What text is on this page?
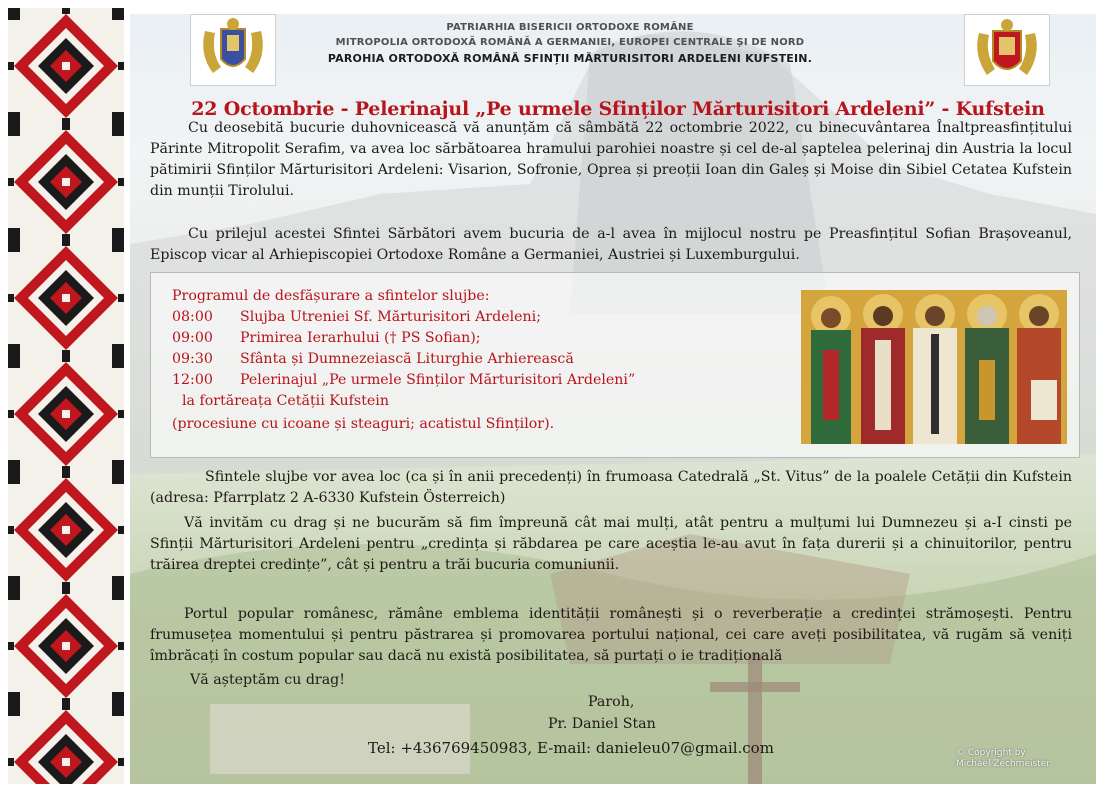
PATRIARHIA BISERICII ORTODOXE ROMÂNE
MITROPOLIA ORTODOXĂ ROMÂNĂ A GERMANIEI, EUROPEI CENTRALE ȘI DE NORD
PAROHIA ORTODOXĂ ROMÂNĂ SFINȚII MĂRTURISITORI ARDELENI KUFSTEIN.
22 Octombrie - Pelerinajul „Pe urmele Sfinților Mărturisitori Ardeleni” - Kufstein
Cu deosebită bucurie duhovnicească vă anunțăm că sâmbătă 22 octombrie 2022, cu binecuvântarea Înaltpreasfințitului Părinte Mitropolit Serafim, va avea loc sărbătoarea hramului parohiei noastre și cel de-al șaptelea pelerinaj din Austria la locul pătimirii Sfinților Mărturisitori Ardeleni: Visarion, Sofronie, Oprea și preoții Ioan din Galeș și Moise din Sibiel Cetatea Kufstein din munții Tirolului.
Cu prilejul acestei Sfintei Sărbători avem bucuria de a-l avea în mijlocul nostru pe Preasfințitul Sofian Brașoveanul, Episcop vicar al Arhiepiscopiei Ortodoxe Române a Germaniei, Austriei și Luxemburgului.
Programul de desfășurare a sfintelor slujbe:
08:00 Slujba Utreniei Sf. Mărturisitori Ardeleni;
09:00 Primirea Ierarhului († PS Sofian);
09:30 Sfânta și Dumnezeiască Liturghie Arhierească
12:00 Pelerinajul „Pe urmele Sfinților Mărturisitori Ardeleni”
la fortăreața Cetății Kufstein
(procesiune cu icoane și steaguri; acatistul Sfinților).
Sfintele slujbe vor avea loc (ca și în anii precedenți) în frumoasa Catedrală „St. Vitus” de la poalele Cetății din Kufstein (adresa: Pfarrplatz 2 A-6330 Kufstein Österreich)
Vă invităm cu drag și ne bucurăm să fim împreună cât mai mulți, atât pentru a mulțumi lui Dumnezeu și a-I cinsti pe Sfinții Mărturisitori Ardeleni pentru „credința și răbdarea pe care aceștia le-au avut în fața durerii și a chinuitorilor, pentru trăirea dreptei credințe”, cât și pentru a trăi bucuria comuniunii.
Portul popular românesc, rămâne emblema identității românești și o reverberație a credinței strămoșești. Pentru frumusețea momentului și pentru păstrarea și promovarea portului național, cei care aveți posibilitatea, vă rugăm să veniți îmbrăcați în costum popular sau dacă nu există posibilitatea, să purtați o ie tradițională
Vă așteptăm cu drag!
Paroh,
Pr. Daniel Stan
Tel: +436769450983, E-mail: danieleu07@gmail.com	© Copyright by
Michael Zechmeister
